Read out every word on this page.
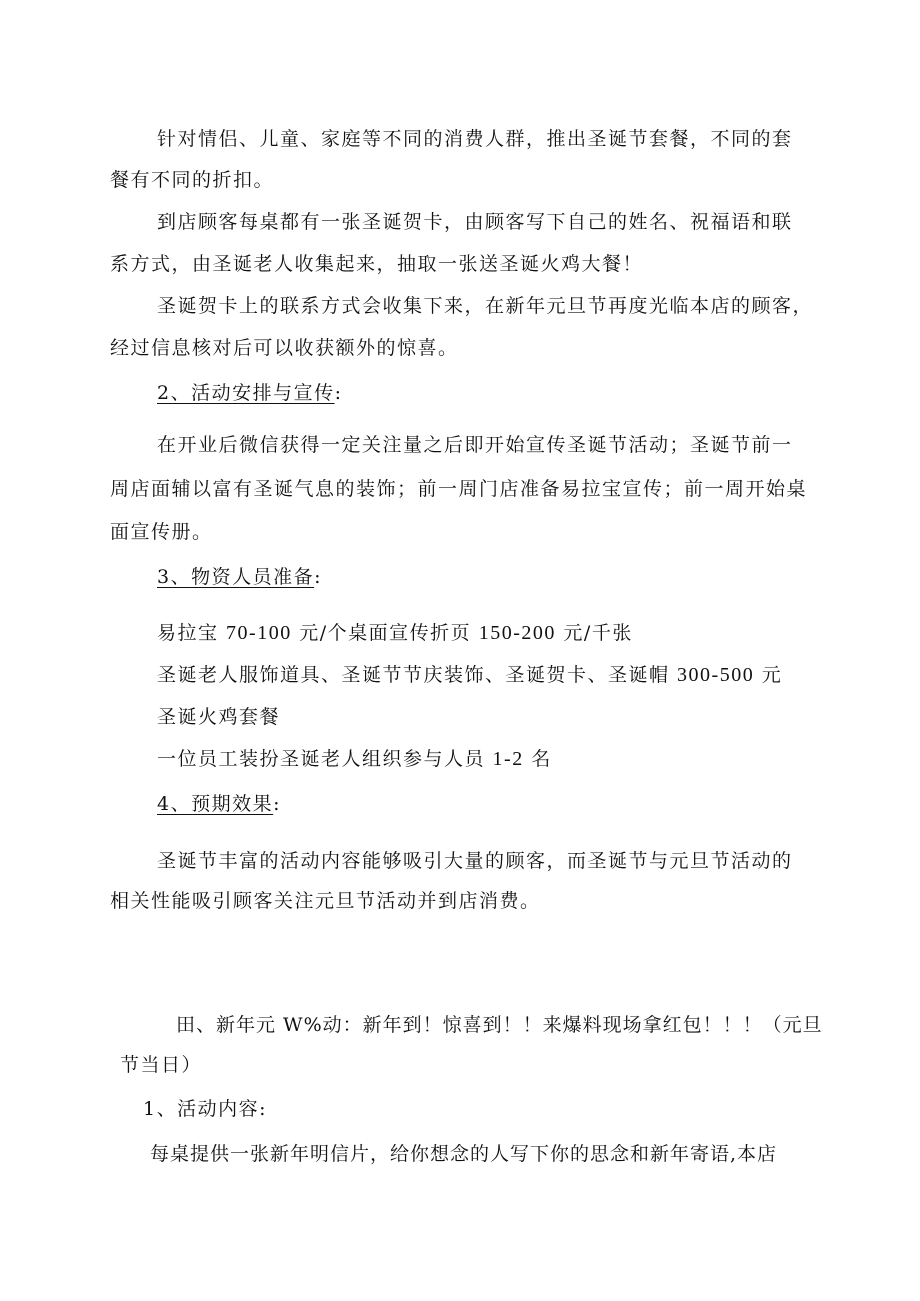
针对情侣、儿童、家庭等不同的消费人群，推出圣诞节套餐，不同的套
餐有不同的折扣。
到店顾客每桌都有一张圣诞贺卡，由顾客写下自己的姓名、祝福语和联
系方式，由圣诞老人收集起来，抽取一张送圣诞火鸡大餐！
圣诞贺卡上的联系方式会收集下来，在新年元旦节再度光临本店的顾客，
经过信息核对后可以收获额外的惊喜。
2、活动安排与宣传:
在开业后微信获得一定关注量之后即开始宣传圣诞节活动；圣诞节前一
周店面辅以富有圣诞气息的装饰；前一周门店准备易拉宝宣传；前一周开始桌
面宣传册。
3、物资人员准备:
易拉宝 70-100 元/个桌面宣传折页 150-200 元/千张
圣诞老人服饰道具、圣诞节节庆装饰、圣诞贺卡、圣诞帽 300-500 元
圣诞火鸡套餐
一位员工装扮圣诞老人组织参与人员 1-2 名
4、预期效果:
圣诞节丰富的活动内容能够吸引大量的顾客，而圣诞节与元旦节活动的
相关性能吸引顾客关注元旦节活动并到店消费。
田、新年元 W%动：新年到！惊喜到！！来爆料现场拿红包！！！（元旦
节当日）
1、活动内容:
每桌提供一张新年明信片，给你想念的人写下你的思念和新年寄语,本店
